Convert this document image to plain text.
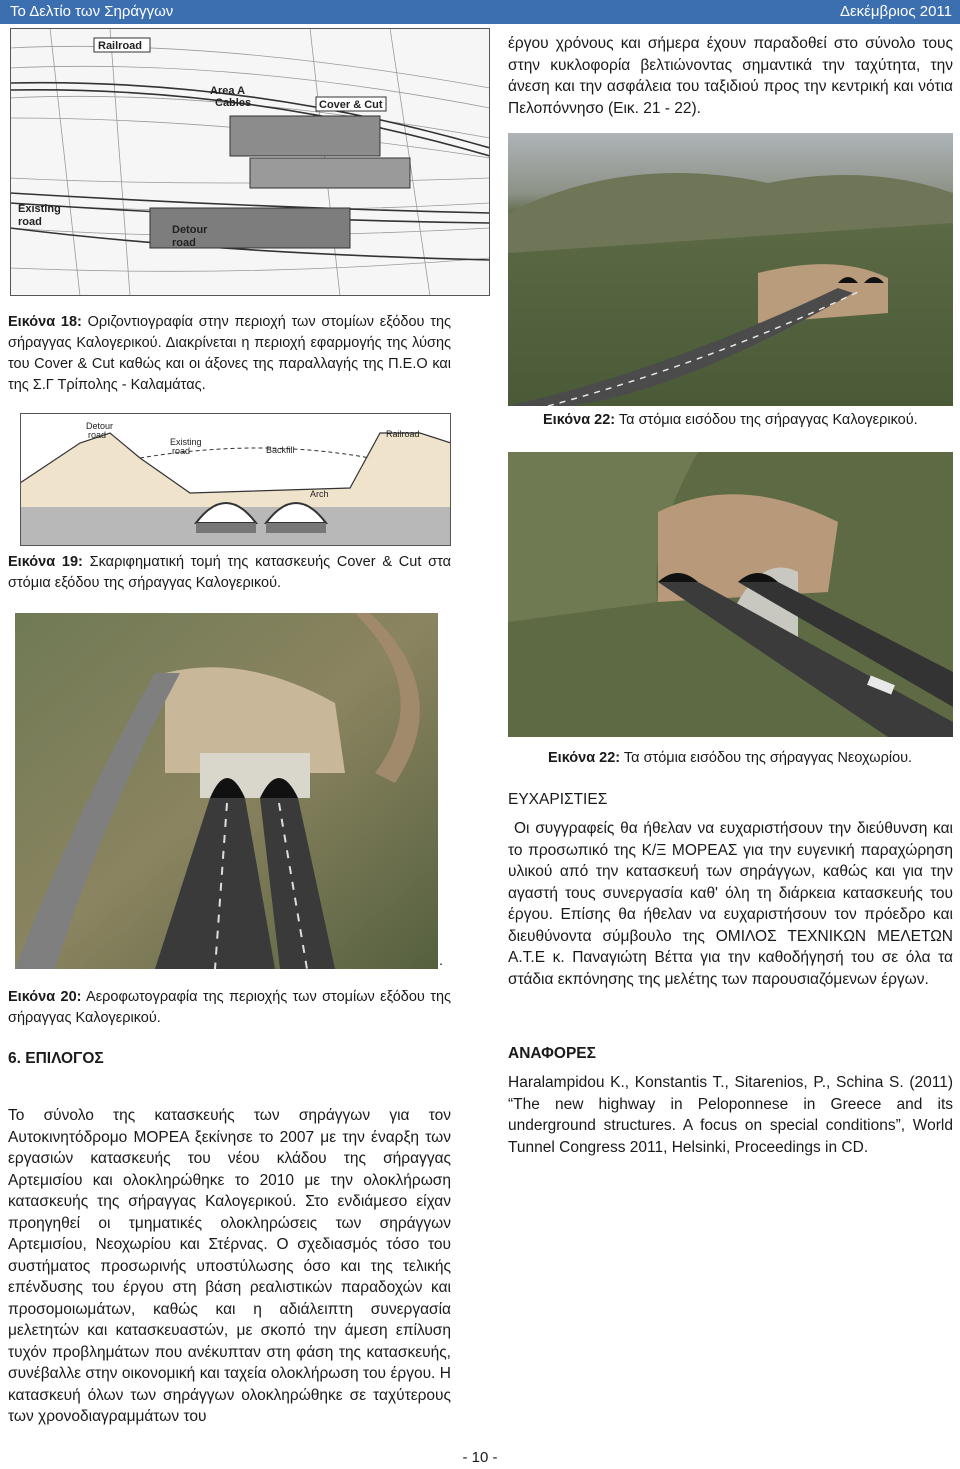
Το Δελτίο των Σηράγγων	Δεκέμβριος 2011
Railroad
Area A
Cables	Cover & Cut
Existing
road
Detour
road

Εικόνα 18: Οριζοντιογραφία στην περιοχή των στομίων εξόδου της σήραγγας Καλογερικού. Διακρίνεται η περιοχή εφαρμογής της λύσης του Cover & Cut καθώς και οι άξονες της παραλλαγής της Π.Ε.Ο και της Σ.Γ Τρίπολης - Καλαμάτας.

Detour
road
Existing
road	Backfill
Railroad
Arch

Εικόνα 19: Σκαριφηματική τομή της κατασκευής Cover & Cut στα στόμια εξόδου της σήραγγας Καλογερικού.

.

Εικόνα 20: Αεροφωτογραφία της περιοχής των στομίων εξόδου της σήραγγας Καλογερικού.

6. ΕΠΙΛΟΓΟΣ

Το σύνολο της κατασκευής των σηράγγων για τον Αυτοκινητόδρομο ΜΟΡΕΑ ξεκίνησε το 2007 με την έναρξη των εργασιών κατασκευής του νέου κλάδου της σήραγγας Αρτεμισίου και ολοκληρώθηκε το 2010 με την ολοκλήρωση κατασκευής της σήραγγας Καλογερικού. Στο ενδιάμεσο είχαν προηγηθεί οι τμηματικές ολοκληρώσεις των σηράγγων Αρτεμισίου, Νεοχωρίου και Στέρνας. Ο σχεδιασμός τόσο του συστήματος προσωρινής υποστύλωσης όσο και της τελικής επένδυσης του έργου στη βάση ρεαλιστικών παραδοχών και προσομοιωμάτων, καθώς και η αδιάλειπτη συνεργασία μελετητών και κατασκευαστών, με σκοπό την άμεση επίλυση τυχόν προβλημάτων που ανέκυπταν στη φάση της κατασκευής, συνέβαλλε στην οικονομική και ταχεία ολοκλήρωση του έργου. Η κατασκευή όλων των σηράγγων ολοκληρώθηκε σε ταχύτερους των χρονοδιαγραμμάτων του

έργου χρόνους και σήμερα έχουν παραδοθεί στο σύνολο τους στην κυκλοφορία βελτιώνοντας σημαντικά την ταχύτητα, την άνεση και την ασφάλεια του ταξιδιού προς την κεντρική και νότια Πελοπόννησο (Εικ. 21 - 22).

Εικόνα 22: Τα στόμια εισόδου της σήραγγας Καλογερικού.

Εικόνα 22: Τα στόμια εισόδου της σήραγγας Νεοχωρίου.

ΕΥΧΑΡΙΣΤΙΕΣ

Οι συγγραφείς θα ήθελαν να ευχαριστήσουν την διεύθυνση και το προσωπικό της Κ/Ξ ΜΟΡΕΑΣ για την ευγενική παραχώρηση υλικού από την κατασκευή των σηράγγων, καθώς και για την αγαστή τους συνεργασία καθ' όλη τη διάρκεια κατασκευής του έργου. Επίσης θα ήθελαν να ευχαριστήσουν τον πρόεδρο και διευθύνοντα σύμβουλο της ΟΜΙΛΟΣ ΤΕΧΝΙΚΩΝ ΜΕΛΕΤΩΝ Α.Τ.Ε κ. Παναγιώτη Βέττα για την καθοδήγησή του σε όλα τα στάδια εκπόνησης της μελέτης των παρουσιαζόμενων έργων.

ΑΝΑΦΟΡΕΣ

Haralampidou K., Konstantis T., Sitarenios, P., Schina S. (2011) “The new highway in Peloponnese in Greece and its underground structures. A focus on special conditions”, World Tunnel Congress 2011, Helsinki, Proceedings in CD.

- 10 -
